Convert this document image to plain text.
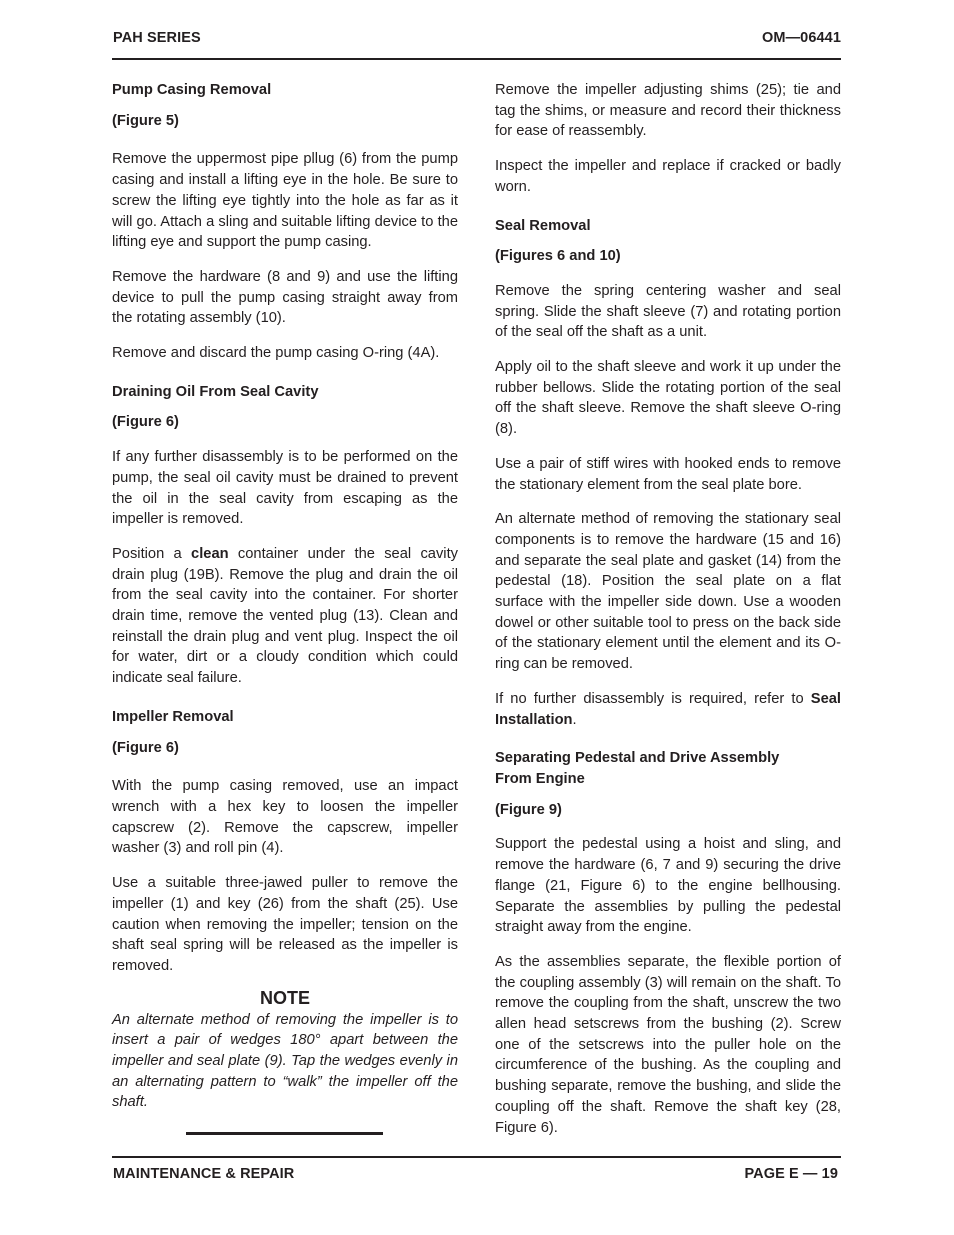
PAH SERIES	OM—06441

Pump Casing Removal

(Figure 5)

Remove the uppermost pipe pllug (6) from the pump casing and install a lifting eye in the hole. Be sure to screw the lifting eye tightly into the hole as far as it will go. Attach a sling and suitable lifting device to the lifting eye and support the pump casing.

Remove the hardware (8 and 9) and use the lifting device to pull the pump casing straight away from the rotating assembly (10).

Remove and discard the pump casing O-ring (4A).

Draining Oil From Seal Cavity

(Figure 6)

If any further disassembly is to be performed on the pump, the seal oil cavity must be drained to prevent the oil in the seal cavity from escaping as the impeller is removed.

Position a clean container under the seal cavity drain plug (19B). Remove the plug and drain the oil from the seal cavity into the container. For shorter drain time, remove the vented plug (13). Clean and reinstall the drain plug and vent plug. Inspect the oil for water, dirt or a cloudy condition which could indicate seal failure.

Impeller Removal

(Figure 6)

With the pump casing removed, use an impact wrench with a hex key to loosen the impeller capscrew (2). Remove the capscrew, impeller washer (3) and roll pin (4).

Use a suitable three-jawed puller to remove the impeller (1) and key (26) from the shaft (25). Use caution when removing the impeller; tension on the shaft seal spring will be released as the impeller is removed.

NOTE

An alternate method of removing the impeller is to insert a pair of wedges 180° apart between the impeller and seal plate (9). Tap the wedges evenly in an alternating pattern to “walk” the impeller off the shaft.

Remove the impeller adjusting shims (25); tie and tag the shims, or measure and record their thickness for ease of reassembly.

Inspect the impeller and replace if cracked or badly worn.

Seal Removal

(Figures 6 and 10)

Remove the spring centering washer and seal spring. Slide the shaft sleeve (7) and rotating portion of the seal off the shaft as a unit.

Apply oil to the shaft sleeve and work it up under the rubber bellows. Slide the rotating portion of the seal off the shaft sleeve. Remove the shaft sleeve O-ring (8).

Use a pair of stiff wires with hooked ends to remove the stationary element from the seal plate bore.

An alternate method of removing the stationary seal components is to remove the hardware (15 and 16) and separate the seal plate and gasket (14) from the pedestal (18). Position the seal plate on a flat surface with the impeller side down. Use a wooden dowel or other suitable tool to press on the back side of the stationary element until the element and its O-ring can be removed.

If no further disassembly is required, refer to Seal Installation.

Separating Pedestal and Drive Assembly From Engine

(Figure 9)

Support the pedestal using a hoist and sling, and remove the hardware (6, 7 and 9) securing the drive flange (21, Figure 6) to the engine bellhousing. Separate the assemblies by pulling the pedestal straight away from the engine.

As the assemblies separate, the flexible portion of the coupling assembly (3) will remain on the shaft. To remove the coupling from the shaft, unscrew the two allen head setscrews from the bushing (2). Screw one of the setscrews into the puller hole on the circumference of the bushing. As the coupling and bushing separate, remove the bushing, and slide the coupling off the shaft. Remove the shaft key (28, Figure 6).

MAINTENANCE & REPAIR	PAGE E — 19
